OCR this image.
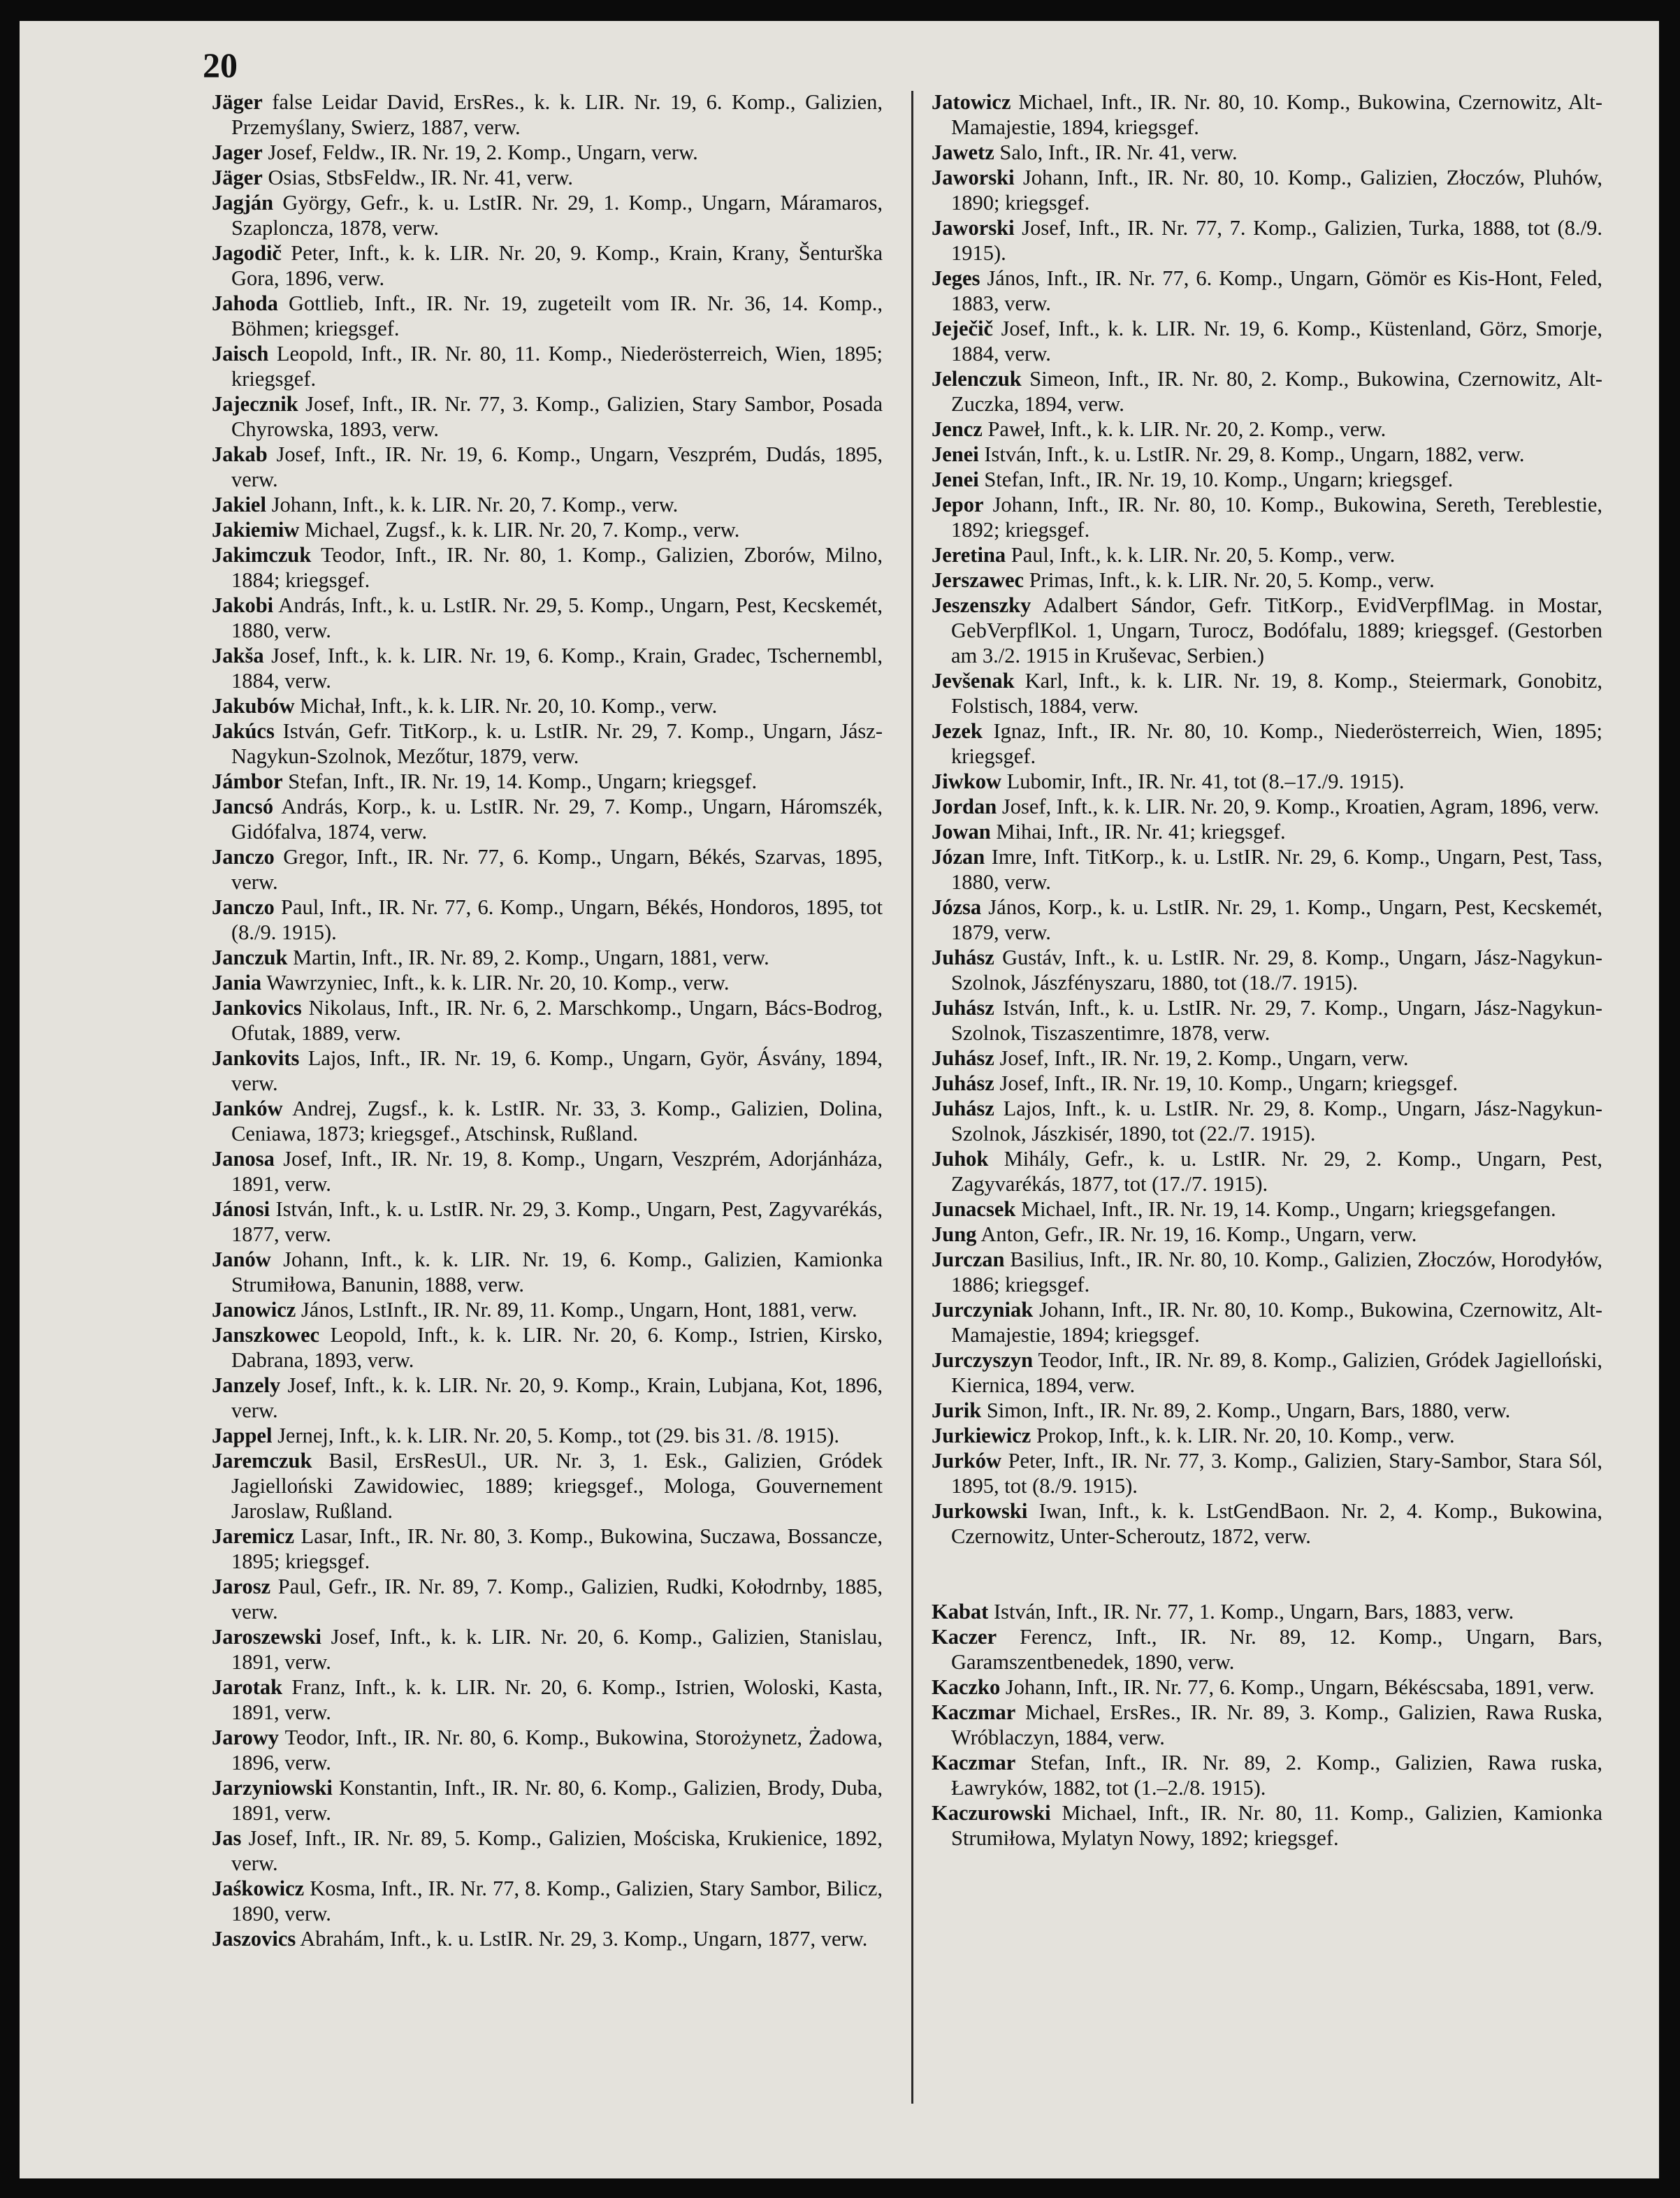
20
Jäger false Leidar David, ErsRes., k. k. LIR. Nr. 19, 6. Komp., Galizien, Przemyślany, Swierz, 1887, verw.
Jager Josef, Feldw., IR. Nr. 19, 2. Komp., Ungarn, verw.
Jäger Osias, StbsFeldw., IR. Nr. 41, verw.
Jagján György, Gefr., k. u. LstIR. Nr. 29, 1. Komp., Ungarn, Máramaros, Szaploncza, 1878, verw.
Jagodič Peter, Inft., k. k. LIR. Nr. 20, 9. Komp., Krain, Krany, Šenturška Gora, 1896, verw.
Jahoda Gottlieb, Inft., IR. Nr. 19, zugeteilt vom IR. Nr. 36, 14. Komp., Böhmen; kriegsgef.
Jaisch Leopold, Inft., IR. Nr. 80, 11. Komp., Niederösterreich, Wien, 1895; kriegsgef.
Jajecznik Josef, Inft., IR. Nr. 77, 3. Komp., Galizien, Stary Sambor, Posada Chyrowska, 1893, verw.
Jakab Josef, Inft., IR. Nr. 19, 6. Komp., Ungarn, Veszprém, Dudás, 1895, verw.
Jakiel Johann, Inft., k. k. LIR. Nr. 20, 7. Komp., verw.
Jakiemiw Michael, Zugsf., k. k. LIR. Nr. 20, 7. Komp., verw.
Jakimczuk Teodor, Inft., IR. Nr. 80, 1. Komp., Galizien, Zborów, Milno, 1884; kriegsgef.
Jakobi András, Inft., k. u. LstIR. Nr. 29, 5. Komp., Ungarn, Pest, Kecskemét, 1880, verw.
Jakša Josef, Inft., k. k. LIR. Nr. 19, 6. Komp., Krain, Gradec, Tschernembl, 1884, verw.
Jakubów Michał, Inft., k. k. LIR. Nr. 20, 10. Komp., verw.
Jakúcs István, Gefr. TitKorp., k. u. LstIR. Nr. 29, 7. Komp., Ungarn, Jász-Nagykun-Szolnok, Mezőtur, 1879, verw.
Jámbor Stefan, Inft., IR. Nr. 19, 14. Komp., Ungarn; kriegsgef.
Jancsó András, Korp., k. u. LstIR. Nr. 29, 7. Komp., Ungarn, Háromszék, Gidófalva, 1874, verw.
Janczo Gregor, Inft., IR. Nr. 77, 6. Komp., Ungarn, Békés, Szarvas, 1895, verw.
Janczo Paul, Inft., IR. Nr. 77, 6. Komp., Ungarn, Békés, Hondoros, 1895, tot (8./9. 1915).
Janczuk Martin, Inft., IR. Nr. 89, 2. Komp., Ungarn, 1881, verw.
Jania Wawrzyniec, Inft., k. k. LIR. Nr. 20, 10. Komp., verw.
Jankovics Nikolaus, Inft., IR. Nr. 6, 2. Marschkomp., Ungarn, Bács-Bodrog, Ofutak, 1889, verw.
Jankovits Lajos, Inft., IR. Nr. 19, 6. Komp., Ungarn, Györ, Ásvány, 1894, verw.
Janków Andrej, Zugsf., k. k. LstIR. Nr. 33, 3. Komp., Galizien, Dolina, Ceniawa, 1873; kriegsgef., Atschinsk, Rußland.
Janosa Josef, Inft., IR. Nr. 19, 8. Komp., Ungarn, Veszprém, Adorjánháza, 1891, verw.
Jánosi István, Inft., k. u. LstIR. Nr. 29, 3. Komp., Ungarn, Pest, Zagyvarékás, 1877, verw.
Janów Johann, Inft., k. k. LIR. Nr. 19, 6. Komp., Galizien, Kamionka Strumiłowa, Banunin, 1888, verw.
Janowicz János, LstInft., IR. Nr. 89, 11. Komp., Ungarn, Hont, 1881, verw.
Janszkowec Leopold, Inft., k. k. LIR. Nr. 20, 6. Komp., Istrien, Kirsko, Dabrana, 1893, verw.
Janzely Josef, Inft., k. k. LIR. Nr. 20, 9. Komp., Krain, Lubjana, Kot, 1896, verw.
Jappel Jernej, Inft., k. k. LIR. Nr. 20, 5. Komp., tot (29. bis 31. /8. 1915).
Jaremczuk Basil, ErsResUl., UR. Nr. 3, 1. Esk., Galizien, Gródek Jagielloński Zawidowiec, 1889; kriegsgef., Mologa, Gouvernement Jaroslaw, Rußland.
Jaremicz Lasar, Inft., IR. Nr. 80, 3. Komp., Bukowina, Suczawa, Bossancze, 1895; kriegsgef.
Jarosz Paul, Gefr., IR. Nr. 89, 7. Komp., Galizien, Rudki, Kołodrnby, 1885, verw.
Jaroszewski Josef, Inft., k. k. LIR. Nr. 20, 6. Komp., Galizien, Stanislau, 1891, verw.
Jarotak Franz, Inft., k. k. LIR. Nr. 20, 6. Komp., Istrien, Woloski, Kasta, 1891, verw.
Jarowy Teodor, Inft., IR. Nr. 80, 6. Komp., Bukowina, Storożynetz, Żadowa, 1896, verw.
Jarzyniowski Konstantin, Inft., IR. Nr. 80, 6. Komp., Galizien, Brody, Duba, 1891, verw.
Jas Josef, Inft., IR. Nr. 89, 5. Komp., Galizien, Mościska, Krukienice, 1892, verw.
Jaśkowicz Kosma, Inft., IR. Nr. 77, 8. Komp., Galizien, Stary Sambor, Bilicz, 1890, verw.
Jaszovics Abrahám, Inft., k. u. LstIR. Nr. 29, 3. Komp., Ungarn, 1877, verw.
Jatowicz Michael, Inft., IR. Nr. 80, 10. Komp., Bukowina, Czernowitz, Alt-Mamajestie, 1894, kriegsgef.
Jawetz Salo, Inft., IR. Nr. 41, verw.
Jaworski Johann, Inft., IR. Nr. 80, 10. Komp., Galizien, Złoczów, Pluhów, 1890; kriegsgef.
Jaworski Josef, Inft., IR. Nr. 77, 7. Komp., Galizien, Turka, 1888, tot (8./9. 1915).
Jeges János, Inft., IR. Nr. 77, 6. Komp., Ungarn, Gömör es Kis-Hont, Feled, 1883, verw.
Jeječič Josef, Inft., k. k. LIR. Nr. 19, 6. Komp., Küstenland, Görz, Smorje, 1884, verw.
Jelenczuk Simeon, Inft., IR. Nr. 80, 2. Komp., Bukowina, Czernowitz, Alt-Zuczka, 1894, verw.
Jencz Paweł, Inft., k. k. LIR. Nr. 20, 2. Komp., verw.
Jenei István, Inft., k. u. LstIR. Nr. 29, 8. Komp., Ungarn, 1882, verw.
Jenei Stefan, Inft., IR. Nr. 19, 10. Komp., Ungarn; kriegsgef.
Jepor Johann, Inft., IR. Nr. 80, 10. Komp., Bukowina, Sereth, Tereblestie, 1892; kriegsgef.
Jeretina Paul, Inft., k. k. LIR. Nr. 20, 5. Komp., verw.
Jerszawec Primas, Inft., k. k. LIR. Nr. 20, 5. Komp., verw.
Jeszenszky Adalbert Sándor, Gefr. TitKorp., EvidVerpflMag. in Mostar, GebVerpflKol. 1, Ungarn, Turocz, Bodófalu, 1889; kriegsgef. (Gestorben am 3./2. 1915 in Kruševac, Serbien.)
Jevšenak Karl, Inft., k. k. LIR. Nr. 19, 8. Komp., Steiermark, Gonobitz, Folstisch, 1884, verw.
Jezek Ignaz, Inft., IR. Nr. 80, 10. Komp., Niederösterreich, Wien, 1895; kriegsgef.
Jiwkow Lubomir, Inft., IR. Nr. 41, tot (8.–17./9. 1915).
Jordan Josef, Inft., k. k. LIR. Nr. 20, 9. Komp., Kroatien, Agram, 1896, verw.
Jowan Mihai, Inft., IR. Nr. 41; kriegsgef.
Józan Imre, Inft. TitKorp., k. u. LstIR. Nr. 29, 6. Komp., Ungarn, Pest, Tass, 1880, verw.
Józsa János, Korp., k. u. LstIR. Nr. 29, 1. Komp., Ungarn, Pest, Kecskemét, 1879, verw.
Juhász Gustáv, Inft., k. u. LstIR. Nr. 29, 8. Komp., Ungarn, Jász-Nagykun-Szolnok, Jászfényszaru, 1880, tot (18./7. 1915).
Juhász István, Inft., k. u. LstIR. Nr. 29, 7. Komp., Ungarn, Jász-Nagykun-Szolnok, Tiszaszentimre, 1878, verw.
Juhász Josef, Inft., IR. Nr. 19, 2. Komp., Ungarn, verw.
Juhász Josef, Inft., IR. Nr. 19, 10. Komp., Ungarn; kriegsgef.
Juhász Lajos, Inft., k. u. LstIR. Nr. 29, 8. Komp., Ungarn, Jász-Nagykun-Szolnok, Jászkisér, 1890, tot (22./7. 1915).
Juhok Mihály, Gefr., k. u. LstIR. Nr. 29, 2. Komp., Ungarn, Pest, Zagyvarékás, 1877, tot (17./7. 1915).
Junacsek Michael, Inft., IR. Nr. 19, 14. Komp., Ungarn; kriegsgefangen.
Jung Anton, Gefr., IR. Nr. 19, 16. Komp., Ungarn, verw.
Jurczan Basilius, Inft., IR. Nr. 80, 10. Komp., Galizien, Złoczów, Horodyłów, 1886; kriegsgef.
Jurczyniak Johann, Inft., IR. Nr. 80, 10. Komp., Bukowina, Czernowitz, Alt-Mamajestie, 1894; kriegsgef.
Jurczyszyn Teodor, Inft., IR. Nr. 89, 8. Komp., Galizien, Gródek Jagielloński, Kiernica, 1894, verw.
Jurik Simon, Inft., IR. Nr. 89, 2. Komp., Ungarn, Bars, 1880, verw.
Jurkiewicz Prokop, Inft., k. k. LIR. Nr. 20, 10. Komp., verw.
Jurków Peter, Inft., IR. Nr. 77, 3. Komp., Galizien, Stary-Sambor, Stara Sól, 1895, tot (8./9. 1915).
Jurkowski Iwan, Inft., k. k. LstGendBaon. Nr. 2, 4. Komp., Bukowina, Czernowitz, Unter-Scheroutz, 1872, verw.
Kabat István, Inft., IR. Nr. 77, 1. Komp., Ungarn, Bars, 1883, verw.
Kaczer Ferencz, Inft., IR. Nr. 89, 12. Komp., Ungarn, Bars, Garamszentbenedek, 1890, verw.
Kaczko Johann, Inft., IR. Nr. 77, 6. Komp., Ungarn, Békéscsaba, 1891, verw.
Kaczmar Michael, ErsRes., IR. Nr. 89, 3. Komp., Galizien, Rawa Ruska, Wróblaczyn, 1884, verw.
Kaczmar Stefan, Inft., IR. Nr. 89, 2. Komp., Galizien, Rawa ruska, Ławryków, 1882, tot (1.–2./8. 1915).
Kaczurowski Michael, Inft., IR. Nr. 80, 11. Komp., Galizien, Kamionka Strumiłowa, Mylatyn Nowy, 1892; kriegsgef.
